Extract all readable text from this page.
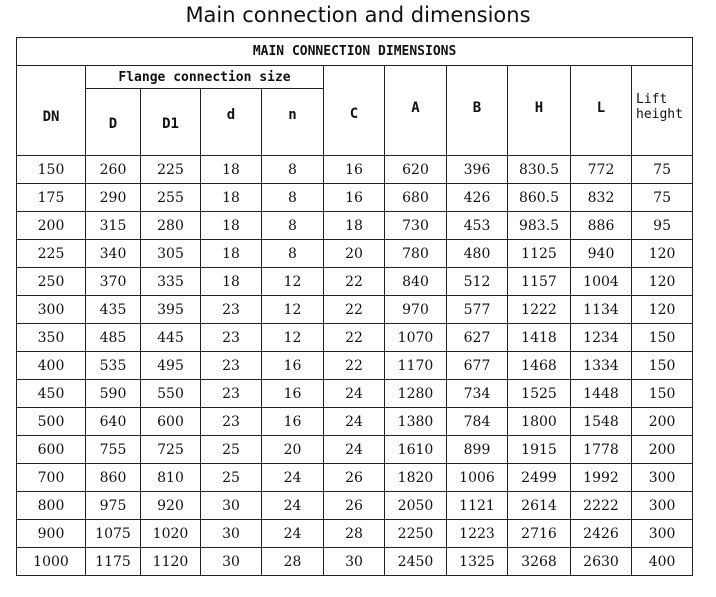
Main connection and dimensions
MAIN CONNECTION DIMENSIONS										
DN	Flange connection size				C	A	B	H	L	Lift
height

	D	D1	d	n						
150	260	225	18	8	16	620	396	830.5	772	75
175	290	255	18	8	16	680	426	860.5	832	75
200	315	280	18	8	18	730	453	983.5	886	95
225	340	305	18	8	20	780	480	1125	940	120
250	370	335	18	12	22	840	512	1157	1004	120
300	435	395	23	12	22	970	577	1222	1134	120
350	485	445	23	12	22	1070	627	1418	1234	150
400	535	495	23	16	22	1170	677	1468	1334	150
450	590	550	23	16	24	1280	734	1525	1448	150
500	640	600	23	16	24	1380	784	1800	1548	200
600	755	725	25	20	24	1610	899	1915	1778	200
700	860	810	25	24	26	1820	1006	2499	1992	300
800	975	920	30	24	26	2050	1121	2614	2222	300
900	1075	1020	30	24	28	2250	1223	2716	2426	300
1000	1175	1120	30	28	30	2450	1325	3268	2630	400
